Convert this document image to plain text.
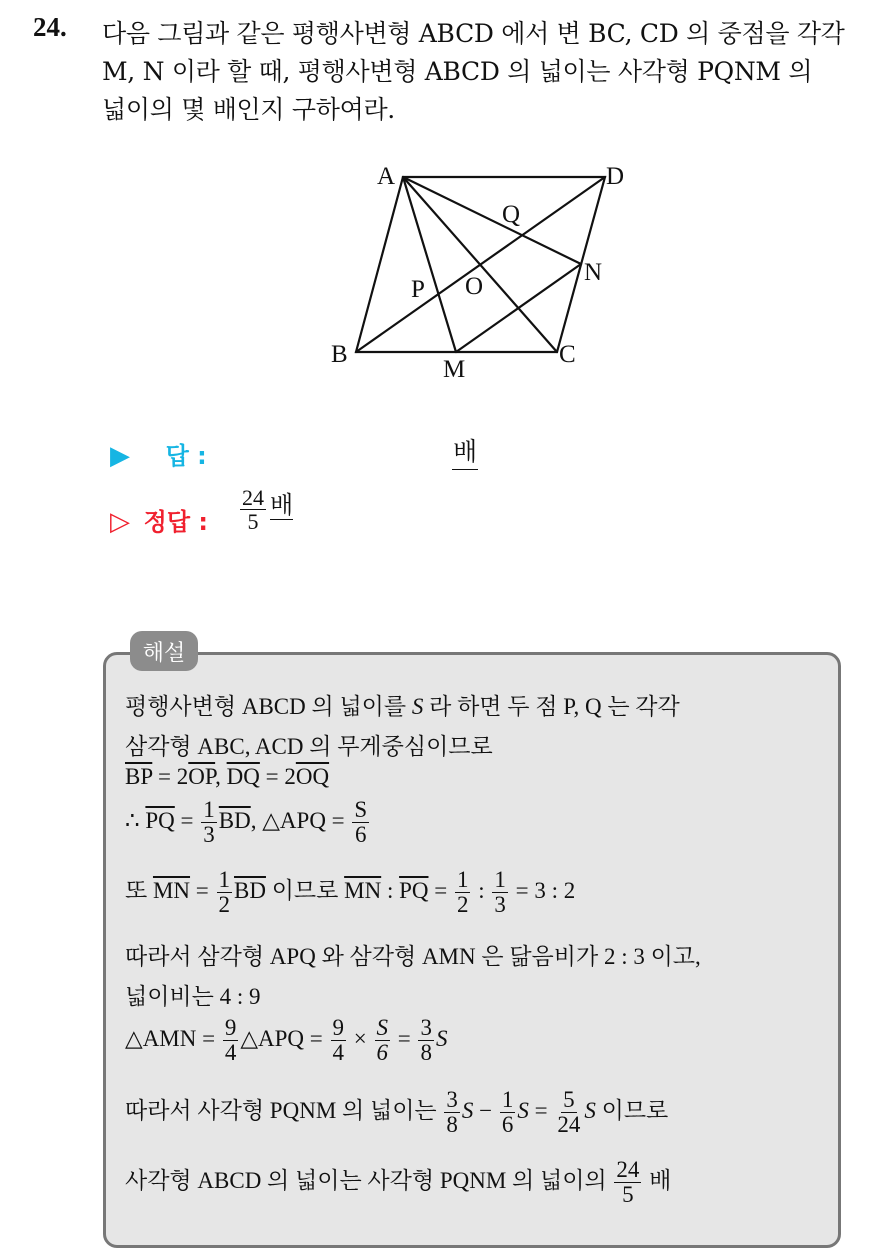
24. 다음 그림과 같은 평행사변형 ABCD 에서 변 BC, CD 의 중점을 각각
M, N 이라 할 때, 평행사변형 ABCD 의 넓이는 사각형 PQNM 의
넓이의 몇 배인지 구하여라.
A	D
B	C
M
N
P
Q
O
▶ 답 :	배
▷ 정답 : $\frac{24}{5}$ 배
해설
평행사변형 ABCD 의 넓이를 S 라 하면 두 점 P, Q 는 각각
삼각형 ABC, ACD 의 무게중심이므로
$\overline{BP} = 2\overline{OP}$, $\overline{DQ} = 2\overline{OQ}$
∴ $\overline{PQ} = \frac{1}{3} \overline{BD}$, △APQ = $\frac{S}{6}$
또 $\overline{MN} = \frac{1}{2} \overline{BD}$ 이므로 $\overline{MN}$ : $\overline{PQ} = \frac{1}{2}$ : $\frac{1}{3} = 3$ : 2
따라서 삼각형 APQ 와 삼각형 AMN 은 닮음비가 2 : 3 이고,
넓이비는 4 : 9
△AMN = $\frac{9}{4}$ △APQ = $\frac{9}{4} \times \frac{S}{6} = \frac{3}{8}$ S
따라서 사각형 PQNM 의 넓이는 $\frac{3}{8}$ $S - \frac{1}{6}$ $S = \frac{5}{24}$ S 이므로
사각형 ABCD 의 넓이는 사각형 PQNM 의 넓이의 $\frac{24}{5}$ 배
